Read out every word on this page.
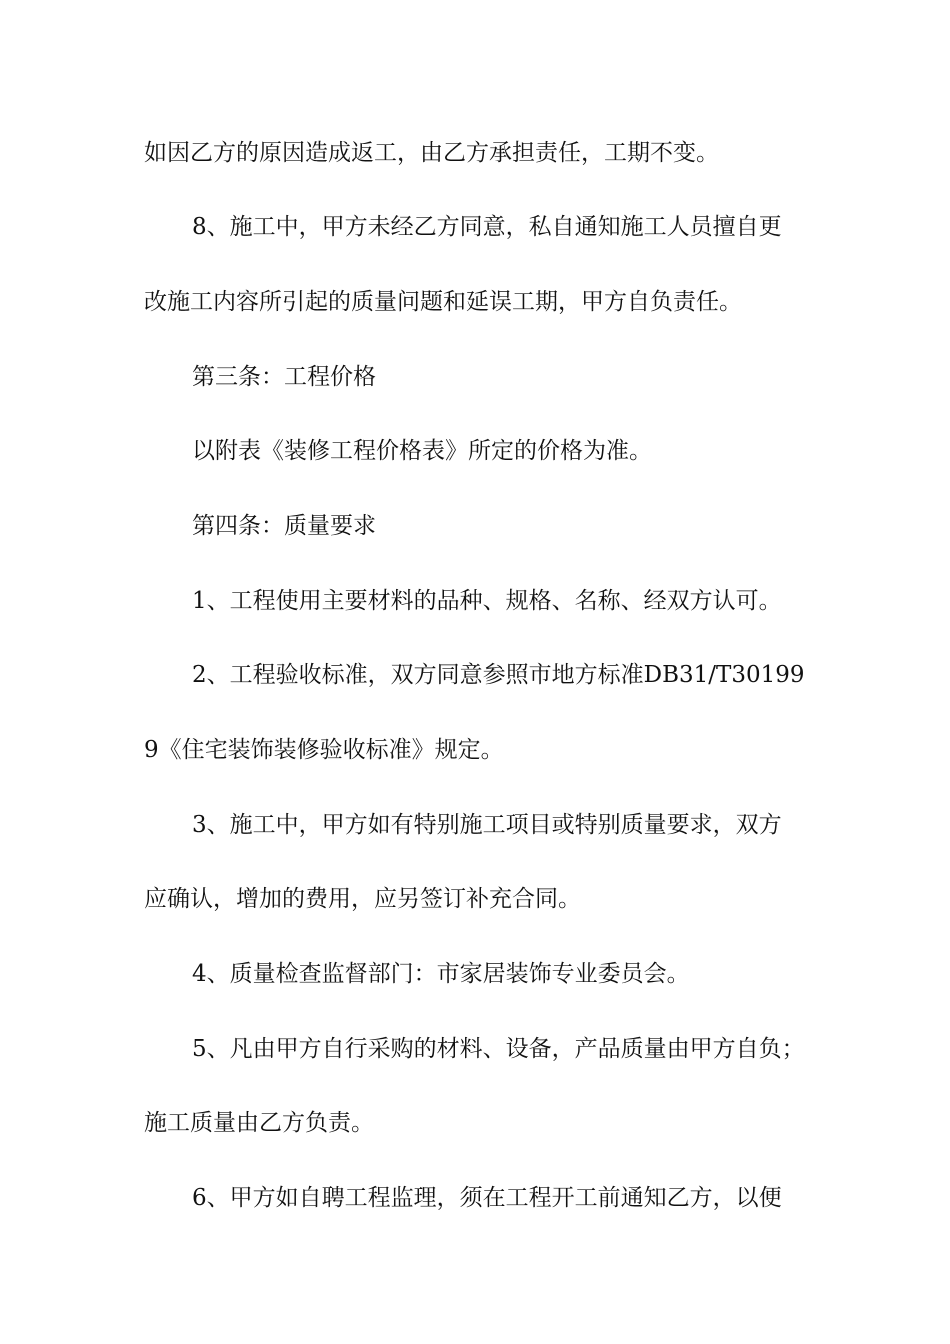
如因乙方的原因造成返工，由乙方承担责任，工期不变。
8、施工中，甲方未经乙方同意，私自通知施工人员擅自更
改施工内容所引起的质量问题和延误工期，甲方自负责任。
第三条：工程价格
以附表《装修工程价格表》所定的价格为准。
第四条：质量要求
1、工程使用主要材料的品种、规格、名称、经双方认可。
2、工程验收标准，双方同意参照市地方标准DB31/T30199
9《住宅装饰装修验收标准》规定。
3、施工中，甲方如有特别施工项目或特别质量要求，双方
应确认，增加的费用，应另签订补充合同。
4、质量检查监督部门：市家居装饰专业委员会。
5、凡由甲方自行采购的材料、设备，产品质量由甲方自负；
施工质量由乙方负责。
6、甲方如自聘工程监理，须在工程开工前通知乙方，以便
